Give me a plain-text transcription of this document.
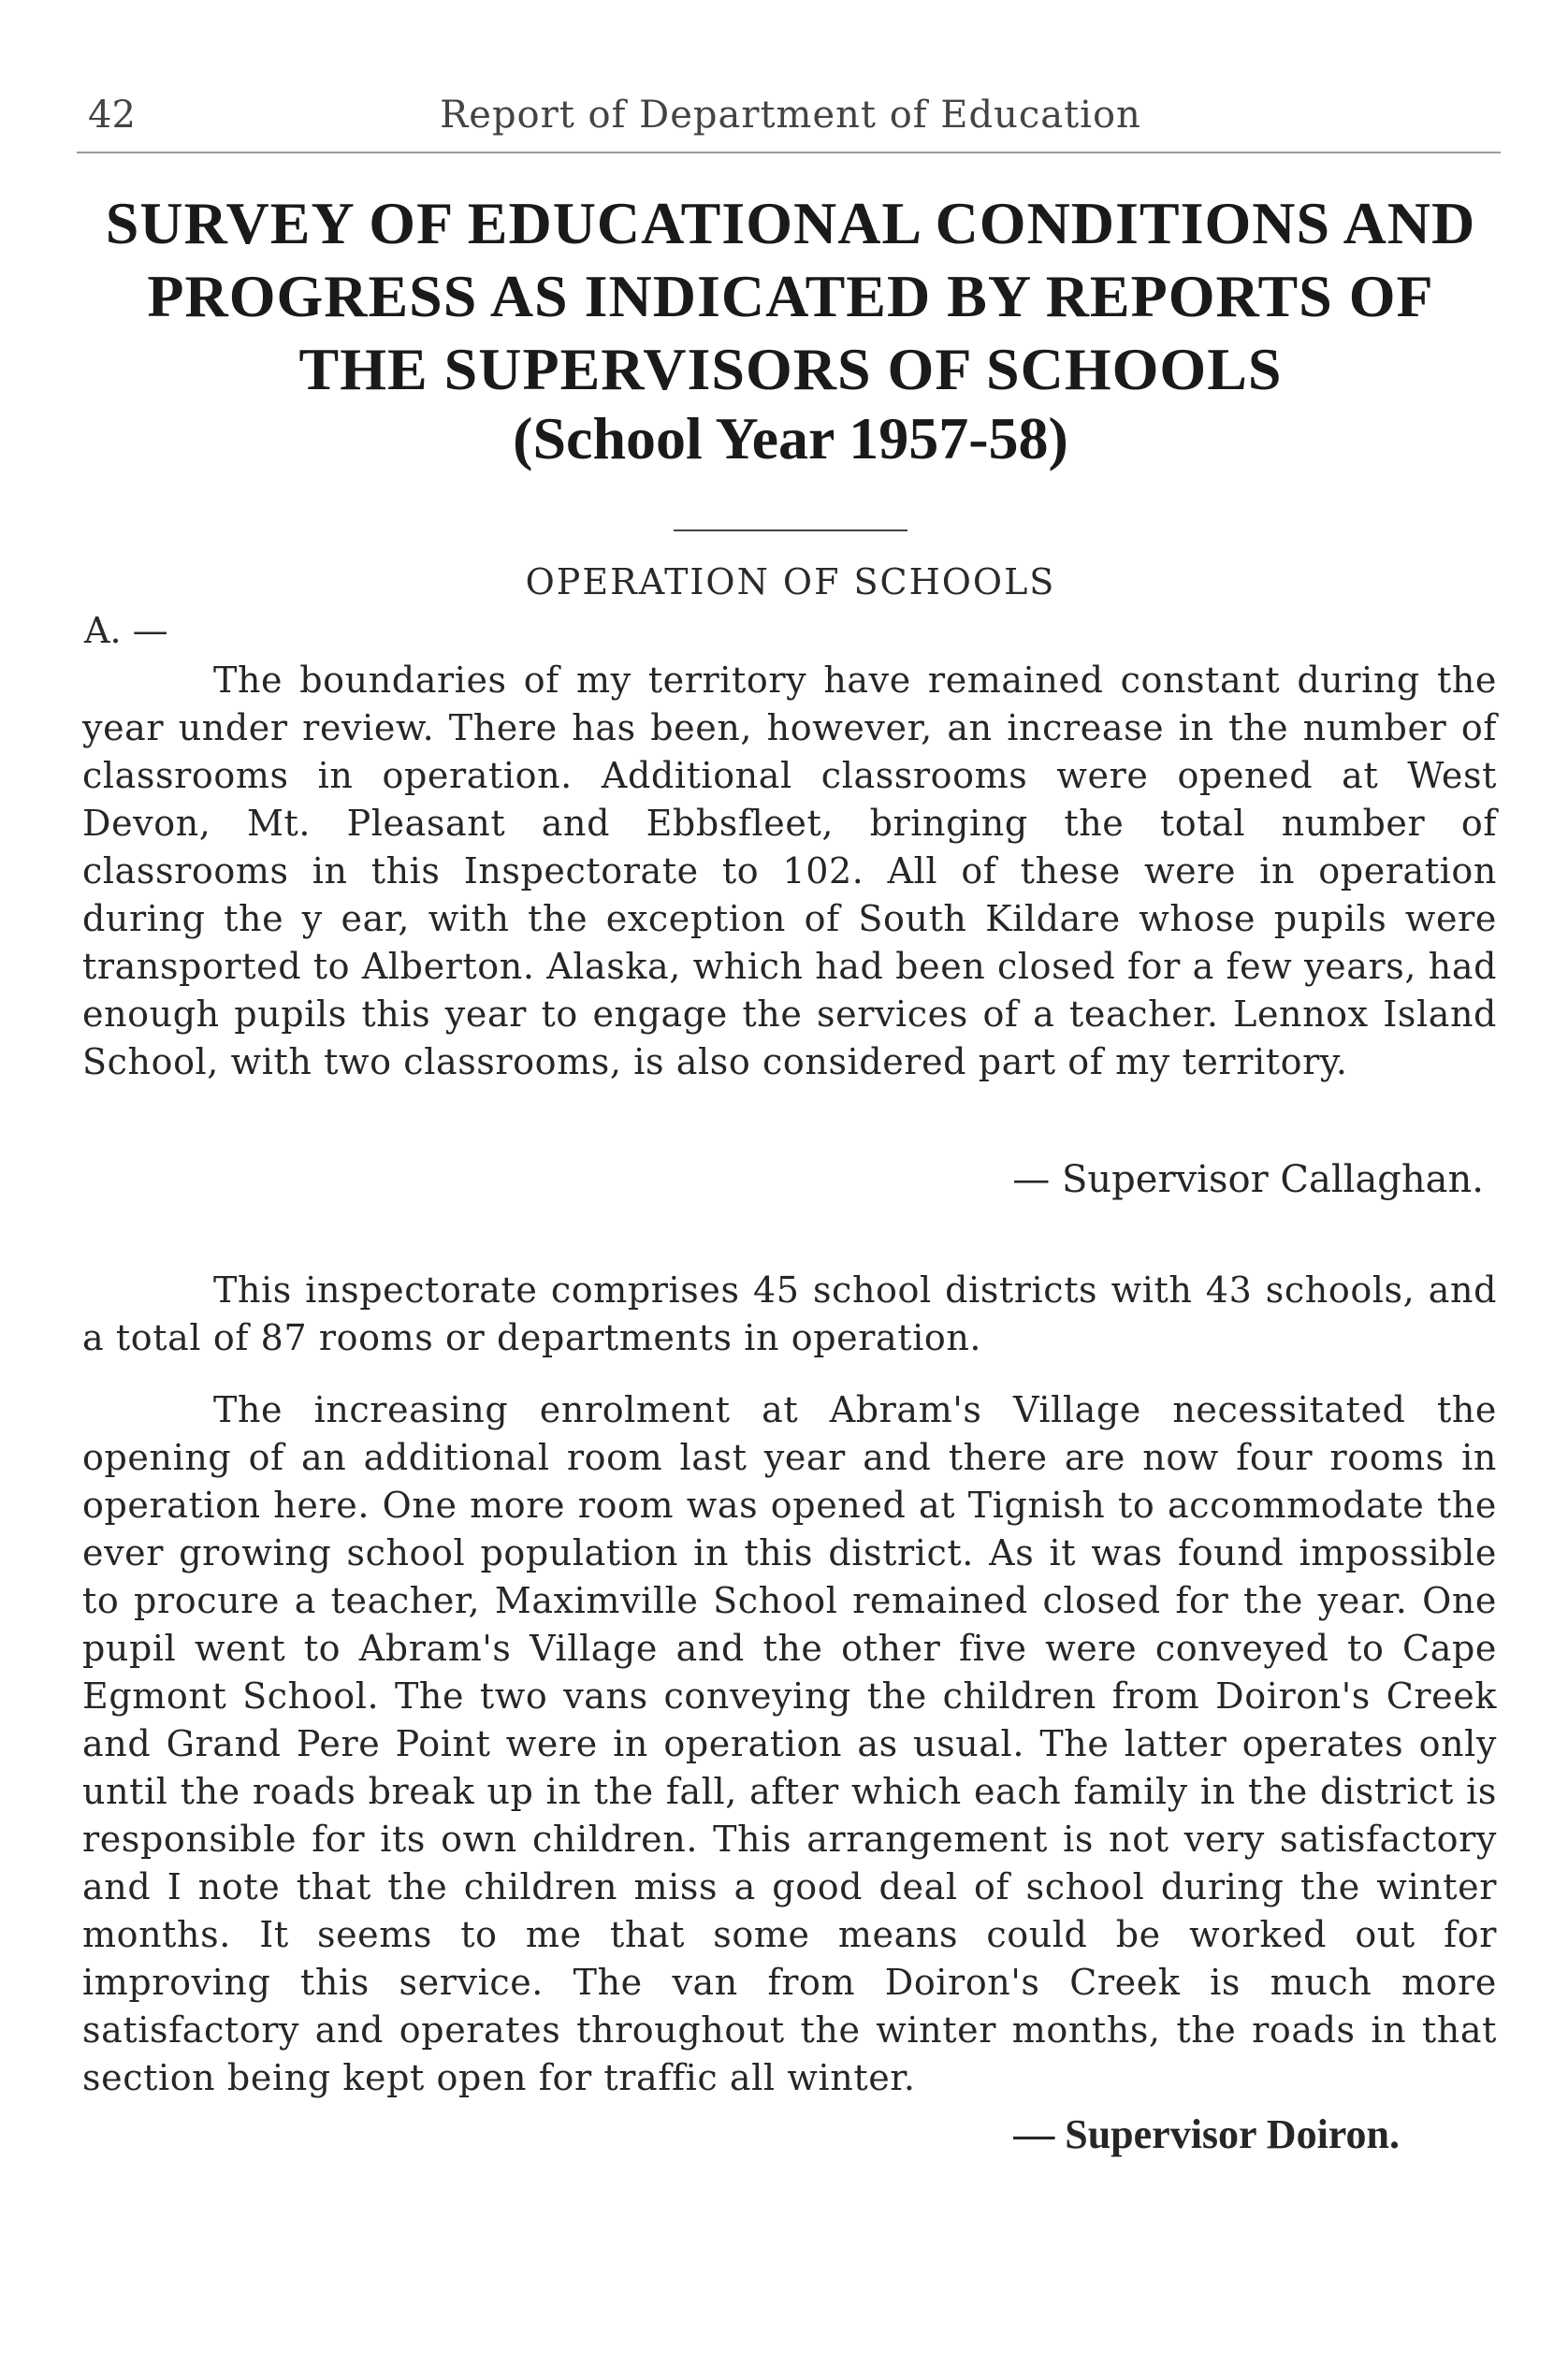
42	Report of Department of Education
SURVEY OF EDUCATIONAL CONDITIONS AND
PROGRESS AS INDICATED BY REPORTS OF
THE SUPERVISORS OF SCHOOLS
(School Year 1957-58)
OPERATION OF SCHOOLS
A. —

The boundaries of my territory have remained constant during the year under review. There has been, however, an increase in the number of classrooms in operation. Additional classrooms were opened at West Devon, Mt. Pleasant and Ebbsfleet, bringing the total number of classrooms in this Inspectorate to 102. All of these were in operation during the y ear, with the exception of South Kildare whose pupils were transported to Alberton. Alaska, which had been closed for a few years, had enough pupils this year to engage the services of a teacher. Lennox Island School, with two classrooms, is also considered part of my territory.

— Supervisor Callaghan.

This inspectorate comprises 45 school districts with 43 schools, and a total of 87 rooms or departments in operation.

The increasing enrolment at Abram's Village necessitated the opening of an additional room last year and there are now four rooms in operation here. One more room was opened at Tignish to accommodate the ever growing school population in this district. As it was found impossible to procure a teacher, Maximville School remained closed for the year. One pupil went to Abram's Village and the other five were conveyed to Cape Egmont School. The two vans conveying the children from Doiron's Creek and Grand Pere Point were in operation as usual. The latter operates only until the roads break up in the fall, after which each family in the district is responsible for its own children. This arrangement is not very satisfactory and I note that the children miss a good deal of school during the winter months. It seems to me that some means could be worked out for improving this service. The van from Doiron's Creek is much more satisfactory and operates throughout the winter months, the roads in that section being kept open for traffic all winter.

— Supervisor Doiron.
